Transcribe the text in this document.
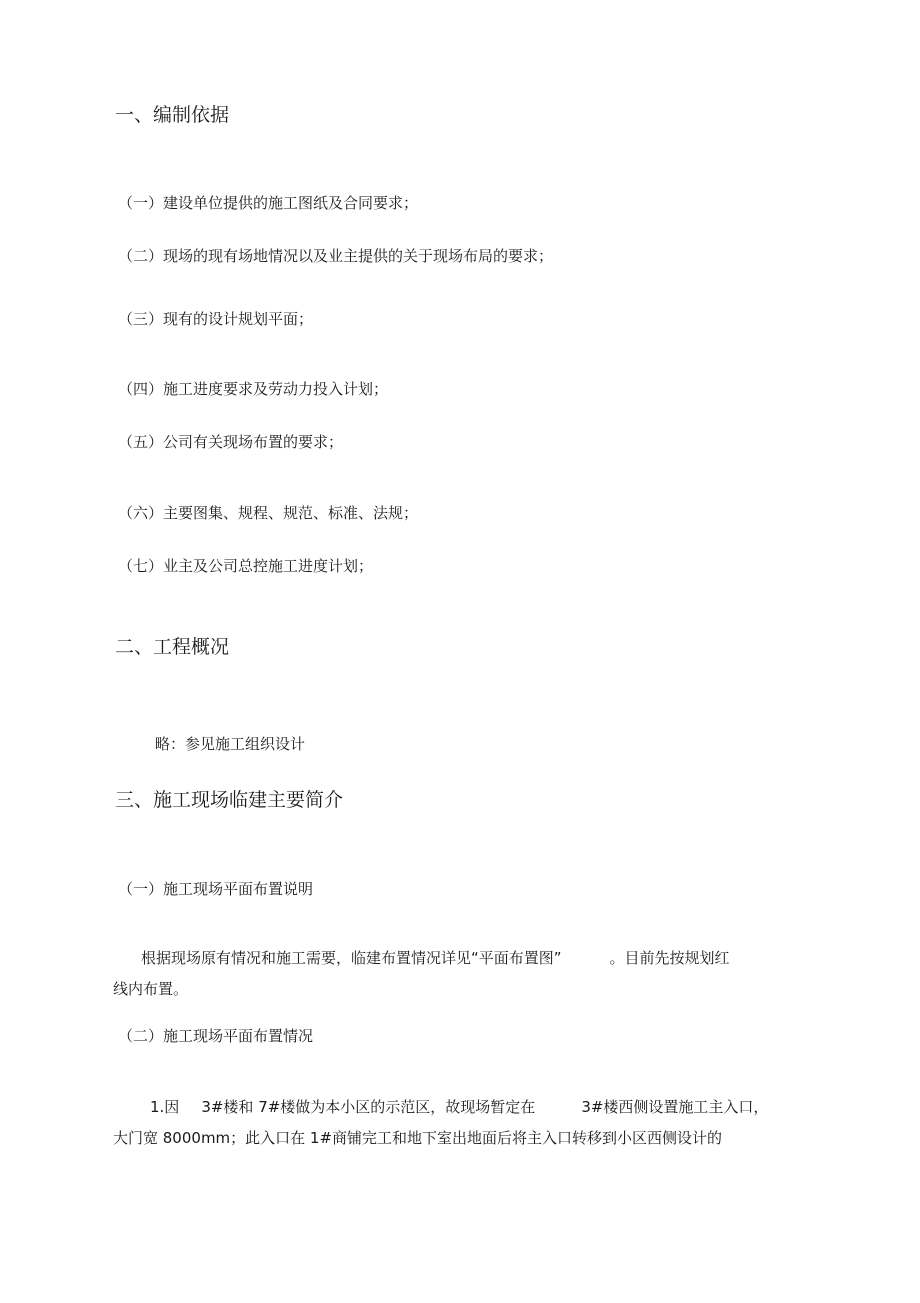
一、编制依据
（一）建设单位提供的施工图纸及合同要求；
（二）现场的现有场地情况以及业主提供的关于现场布局的要求；
（三）现有的设计规划平面；
（四）施工进度要求及劳动力投入计划；
（五）公司有关现场布置的要求；
（六）主要图集、规程、规范、标准、法规；
（七）业主及公司总控施工进度计划；
二、工程概况
略：参见施工组织设计
三、施工现场临建主要简介
（一）施工现场平面布置说明
根据现场原有情况和施工需要，临建布置情况详见“平面布置图”	。目前先按规划红
线内布置。
（二）施工现场平面布置情况
1.因 3#楼和 7#楼做为本小区的示范区，故现场暂定在	3#楼西侧设置施工主入口，
大门宽 8000mm；此入口在 1#商铺完工和地下室出地面后将主入口转移到小区西侧设计的
